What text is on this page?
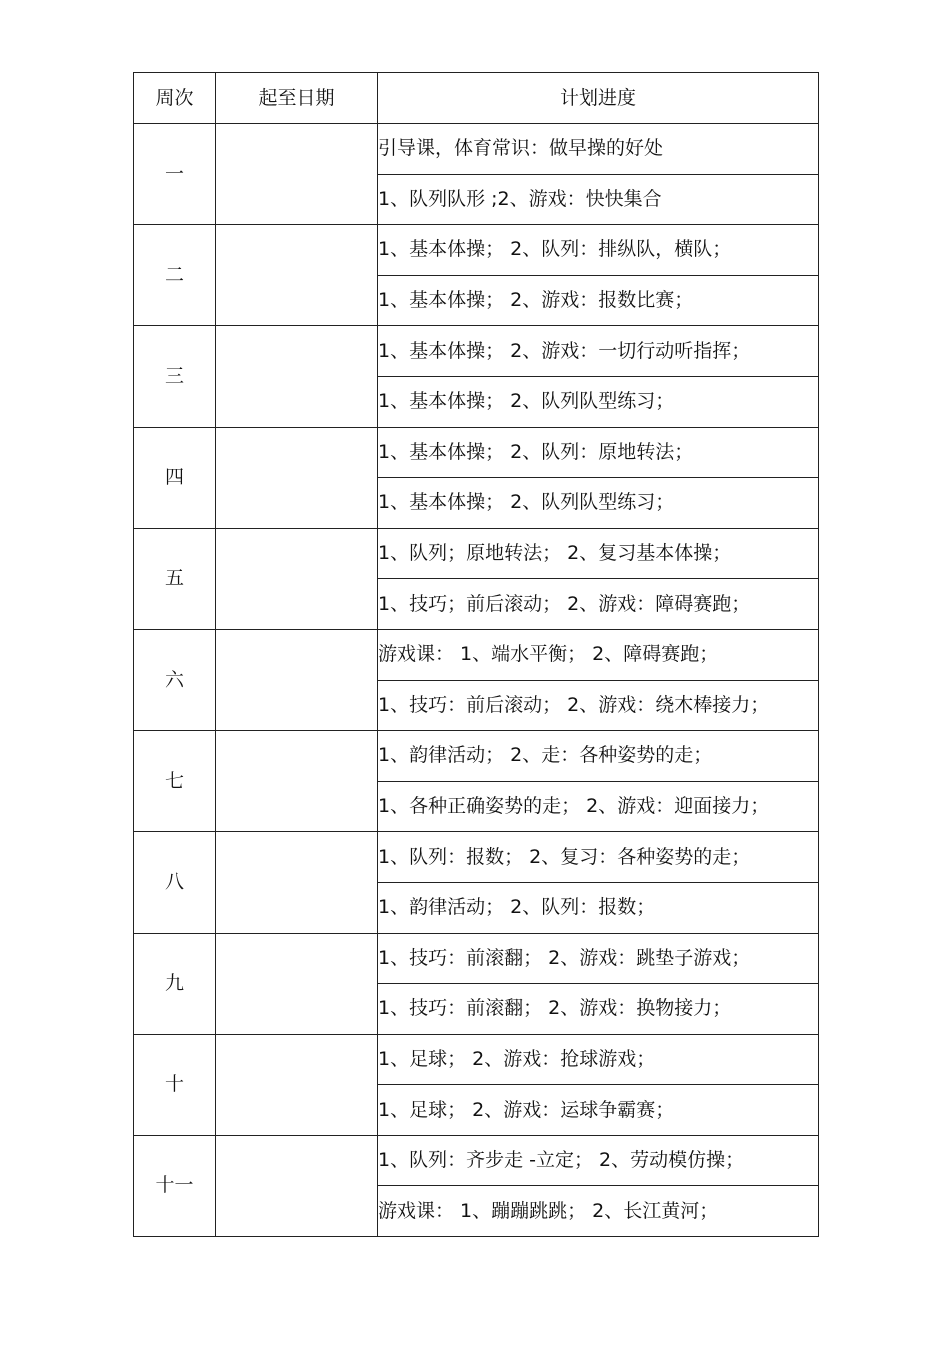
周次	起至日期	计划进度
一		引导课，体育常识：做早操的好处
		1、队列队形 ;2、游戏：快快集合
二		1、基本体操； 2、队列：排纵队，横队；
		1、基本体操； 2、游戏：报数比赛；
三		1、基本体操； 2、游戏：一切行动听指挥；
		1、基本体操； 2、队列队型练习；
四		1、基本体操； 2、队列：原地转法；
		1、基本体操； 2、队列队型练习；
五		1、队列；原地转法； 2、复习基本体操；
		1、技巧；前后滚动； 2、游戏：障碍赛跑；
六		游戏课： 1、端水平衡； 2、障碍赛跑；
		1、技巧：前后滚动； 2、游戏：绕木棒接力；
七		1、韵律活动； 2、走：各种姿势的走；
		1、各种正确姿势的走； 2、游戏：迎面接力；
八		1、队列：报数； 2、复习：各种姿势的走；
		1、韵律活动； 2、队列：报数；
九		1、技巧：前滚翻； 2、游戏：跳垫子游戏；
		1、技巧：前滚翻； 2、游戏：换物接力；
十		1、足球； 2、游戏：抢球游戏；
		1、足球； 2、游戏：运球争霸赛；
十一		1、队列：齐步走 -立定； 2、劳动模仿操；
		游戏课： 1、蹦蹦跳跳； 2、长江黄河；
